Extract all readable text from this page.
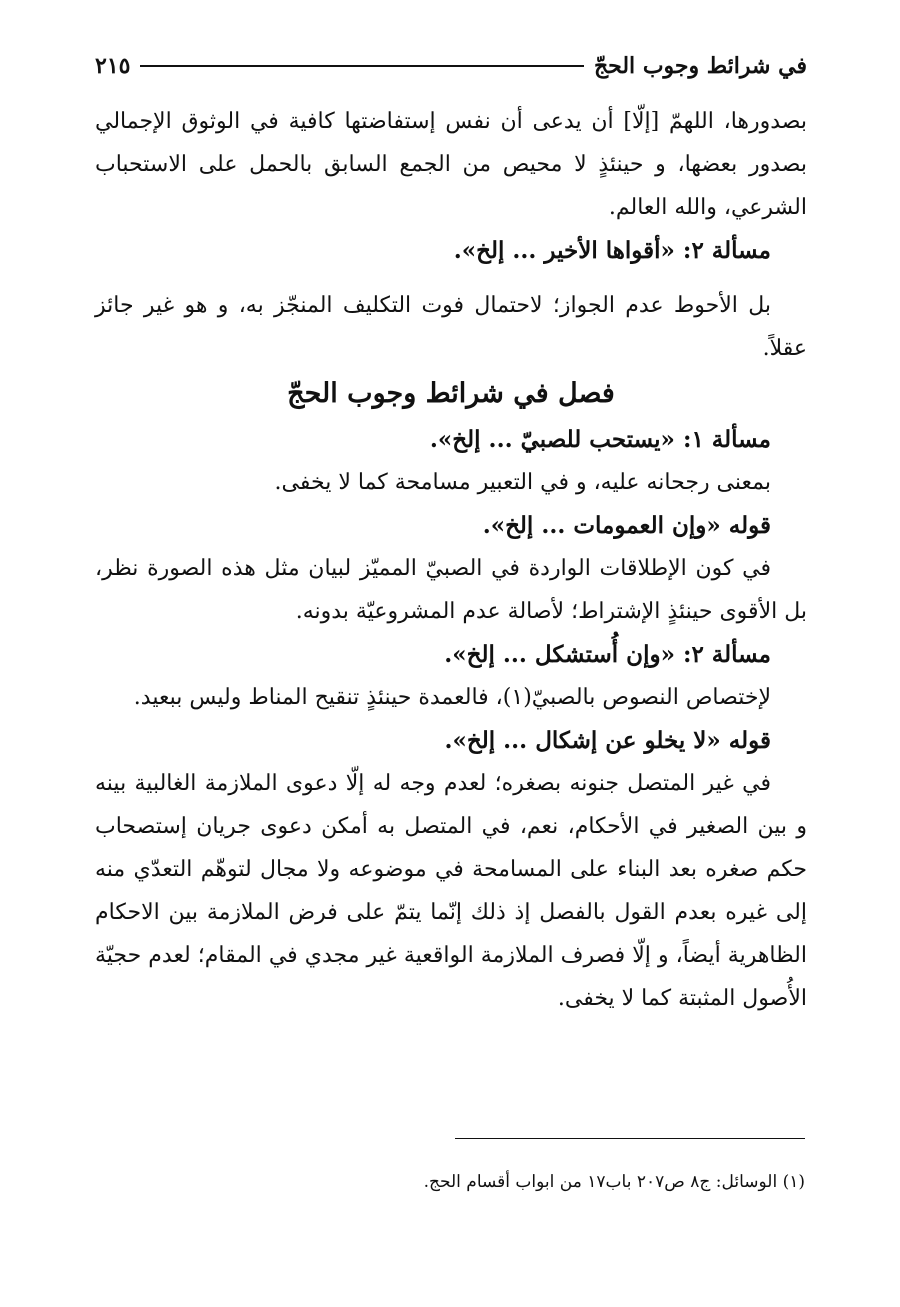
في شرائط وجوب الحجّ
٢١٥

بصدورها، اللهمّ [إلّا] أن يدعى أن نفس إستفاضتها كافية في الوثوق الإجمالي بصدور بعضها، و حينئذٍ لا محيص من الجمع السابق بالحمل على الاستحباب الشرعي، والله العالم.

مسألة ٢: «أقواها الأخير ... إلخ».

بل الأحوط عدم الجواز؛ لاحتمال فوت التكليف المنجّز به، و هو غير جائز عقلاً.

فصل في شرائط وجوب الحجّ

مسألة ١: «يستحب للصبيّ ... إلخ».

بمعنى رجحانه عليه، و في التعبير مسامحة كما لا يخفى.

قوله «وإن العمومات ... إلخ».

في كون الإطلاقات الواردة في الصبيّ المميّز لبيان مثل هذه الصورة نظر، بل الأقوى حينئذٍ الإشتراط؛ لأصالة عدم المشروعيّة بدونه.

مسألة ٢: «وإن أُستشكل ... إلخ».

لإختصاص النصوص بالصبيّ(١)، فالعمدة حينئذٍ تنقيح المناط وليس ببعيد.

قوله «لا يخلو عن إشكال ... إلخ».

في غير المتصل جنونه بصغره؛ لعدم وجه له إلّا دعوى الملازمة الغالبية بينه و بين الصغير في الأحكام، نعم، في المتصل به أمكن دعوى جريان إستصحاب حكم صغره بعد البناء على المسامحة في موضوعه ولا مجال لتوهّم التعدّي منه إلى غيره بعدم القول بالفصل إذ ذلك إنّما يتمّ على فرض الملازمة بين الاحكام الظاهرية أيضاً، و إلّا فصرف الملازمة الواقعية غير مجدي في المقام؛ لعدم حجيّة الأُصول المثبتة كما لا يخفى.

(١) الوسائل: ج٨ ص٢٠٧ باب١٧ من ابواب أقسام الحج.
